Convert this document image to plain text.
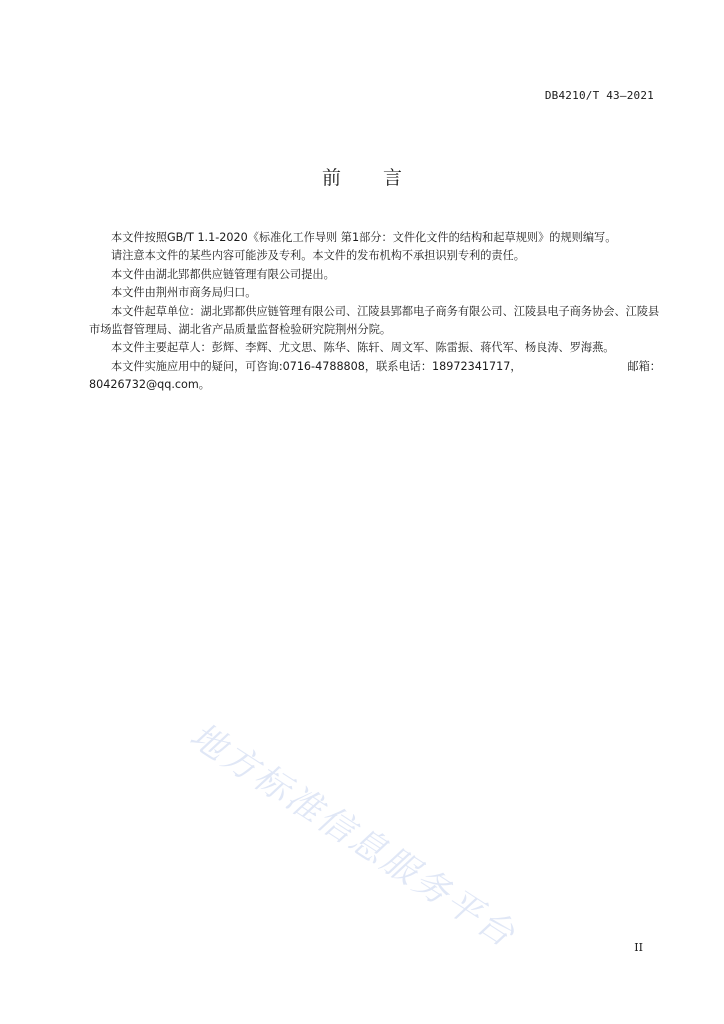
DB4210/T 43—2021
前 言

本文件按照GB/T 1.1-2020《标准化工作导则 第1部分：文件化文件的结构和起草规则》的规则编写。

请注意本文件的某些内容可能涉及专利。本文件的发布机构不承担识别专利的责任。

本文件由湖北郢都供应链管理有限公司提出。

本文件由荆州市商务局归口。

本文件起草单位：湖北郢都供应链管理有限公司、江陵县郢都电子商务有限公司、江陵县电子商务协会、江陵县市场监督管理局、湖北省产品质量监督检验研究院荆州分院。

本文件主要起草人：彭辉、李辉、尤文思、陈华、陈轩、周文军、陈雷振、蒋代军、杨良涛、罗海燕。

本文件实施应用中的疑问，可咨询:0716-4788808，联系电话：18972341717，	邮箱：

80426732@qq.com。

地方标准信息服务平台	II
